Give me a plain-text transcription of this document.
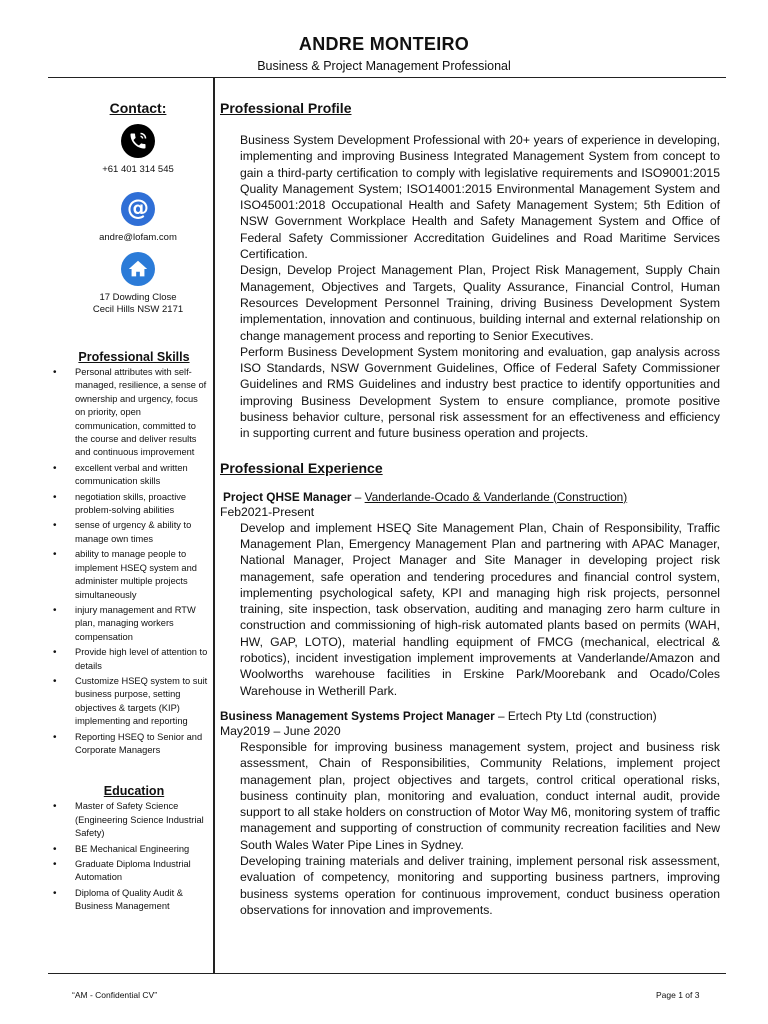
ANDRE MONTEIRO
Business & Project Management Professional
Contact:
+61 401 314 545
@
andre@lofam.com
17 Dowding Close
Cecil Hills NSW 2171
Professional Skills
• Personal attributes with self-managed, resilience, a sense of ownership and urgency, focus on priority, open communication, committed to the course and deliver results and continuous improvement
• excellent verbal and written communication skills
• negotiation skills, proactive problem-solving abilities
• sense of urgency & ability to manage own times
• ability to manage people to implement HSEQ system and administer multiple projects simultaneously
• injury management and RTW plan, managing workers compensation
• Provide high level of attention to details
• Customize HSEQ system to suit business purpose, setting objectives & targets (KIP) implementing and reporting
• Reporting HSEQ to Senior and Corporate Managers
Education
• Master of Safety Science (Engineering Science Industrial Safety)
• BE Mechanical Engineering
• Graduate Diploma Industrial Automation
• Diploma of Quality Audit & Business Management
Professional Profile

Business System Development Professional with 20+ years of experience in developing, implementing and improving Business Integrated Management System from concept to gain a third-party certification to comply with legislative requirements and ISO9001:2015 Quality Management System; ISO14001:2015 Environmental Management System and ISO45001:2018 Occupational Health and Safety Management System; 5th Edition of NSW Government Workplace Health and Safety Management System and Office of Federal Safety Commissioner Accreditation Guidelines and Road Maritime Services Certification.

Design, Develop Project Management Plan, Project Risk Management, Supply Chain Management, Objectives and Targets, Quality Assurance, Financial Control, Human Resources Development Personnel Training, driving Business Development System implementation, innovation and continuous, building internal and external relationship on change management process and reporting to Senior Executives.

Perform Business Development System monitoring and evaluation, gap analysis across ISO Standards, NSW Government Guidelines, Office of Federal Safety Commissioner Guidelines and RMS Guidelines and industry best practice to identify opportunities and improving Business Development System to ensure compliance, promote positive business behavior culture, personal risk assessment for an effectiveness and efficiency in supporting current and future business operation and projects.

Professional Experience
Project QHSE Manager – Vanderlande-Ocado & Vanderlande (Construction)
Feb2021-Present

Develop and implement HSEQ Site Management Plan, Chain of Responsibility, Traffic Management Plan, Emergency Management Plan and partnering with APAC Manager, National Manager, Project Manager and Site Manager in developing project risk management, safe operation and tendering procedures and financial control system, implementing psychological safety, KPI and managing high risk projects, personnel training, site inspection, task observation, auditing and managing zero harm culture in construction and commissioning of high-risk automated plants based on permits (WAH, HW, GAP, LOTO), material handling equipment of FMCG (mechanical, electrical & robotics), incident investigation implement improvements at Vanderlande/Amazon and Woolworths warehouse facilities in Erskine Park/Moorebank and Ocado/Coles Warehouse in Wetherill Park.

Business Management Systems Project Manager – Ertech Pty Ltd (construction)
May2019 – June 2020

Responsible for improving business management system, project and business risk assessment, Chain of Responsibilities, Community Relations, implement project management plan, project objectives and targets, control critical operational risks, business continuity plan, monitoring and evaluation, conduct internal audit, provide support to all stake holders on construction of Motor Way M6, monitoring system of traffic management and supporting of construction of community recreation facilities and New South Wales Water Pipe Lines in Sydney.

Developing training materials and deliver training, implement personal risk assessment, evaluation of competency, monitoring and supporting business partners, improving business systems operation for continuous improvement, conduct business operation observations for innovation and improvements.

“AM - Confidential CV”	Page 1 of 3
